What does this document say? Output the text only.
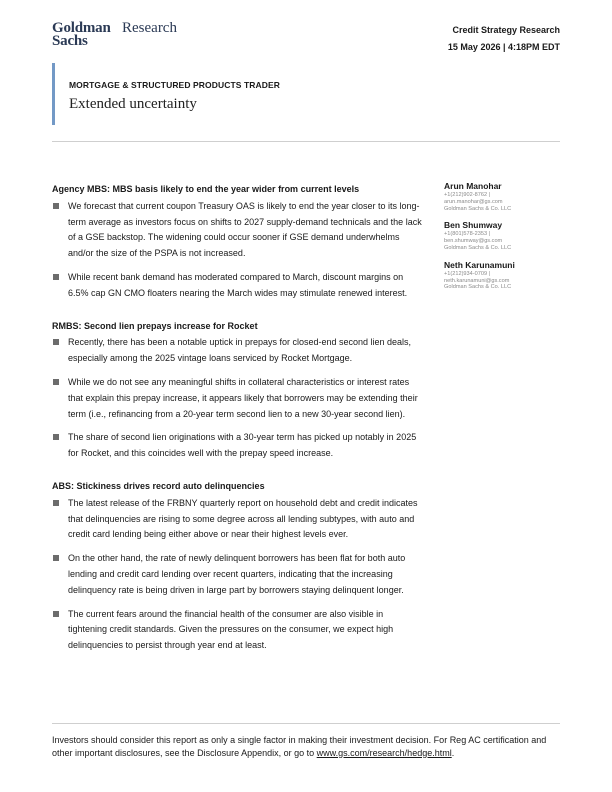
Goldman
Sachs
Research	Credit Strategy Research
15 May 2026 | 4:18PM EDT
MORTGAGE & STRUCTURED PRODUCTS TRADER
Extended uncertainty
Agency MBS: MBS basis likely to end the year wider from current levels
We forecast that current coupon Treasury OAS is likely to end the year closer to its long-term average as investors focus on shifts to 2027 supply-demand technicals and the lack of a GSE backstop. The widening could occur sooner if GSE demand underwhelms and/or the size of the PSPA is not increased.
While recent bank demand has moderated compared to March, discount margins on 6.5% cap GN CMO floaters nearing the March wides may stimulate renewed interest.
RMBS: Second lien prepays increase for Rocket
Recently, there has been a notable uptick in prepays for closed-end second lien deals, especially among the 2025 vintage loans serviced by Rocket Mortgage.
While we do not see any meaningful shifts in collateral characteristics or interest rates that explain this prepay increase, it appears likely that borrowers may be extending their term (i.e., refinancing from a 20-year term second lien to a new 30-year second lien).
The share of second lien originations with a 30-year term has picked up notably in 2025 for Rocket, and this coincides well with the prepay speed increase.
ABS: Stickiness drives record auto delinquencies
The latest release of the FRBNY quarterly report on household debt and credit indicates that delinquencies are rising to some degree across all lending subtypes, with auto and credit card lending being either above or near their highest levels ever.
On the other hand, the rate of newly delinquent borrowers has been flat for both auto lending and credit card lending over recent quarters, indicating that the increasing delinquency rate is being driven in large part by borrowers staying delinquent longer.
The current fears around the financial health of the consumer are also visible in tightening credit standards. Given the pressures on the consumer, we expect high delinquencies to persist through year end at least.
Arun Manohar
+1(212)902-8762 |
arun.manohar@gs.com
Goldman Sachs & Co. LLC
Ben Shumway
+1(801)578-2353 |
ben.shumway@gs.com
Goldman Sachs & Co. LLC
Neth Karunamuni
+1(212)934-0709 |
neth.karunamuni@gs.com
Goldman Sachs & Co. LLC
Investors should consider this report as only a single factor in making their investment decision. For Reg AC certification and other important disclosures, see the Disclosure Appendix, or go to www.gs.com/research/hedge.html.
